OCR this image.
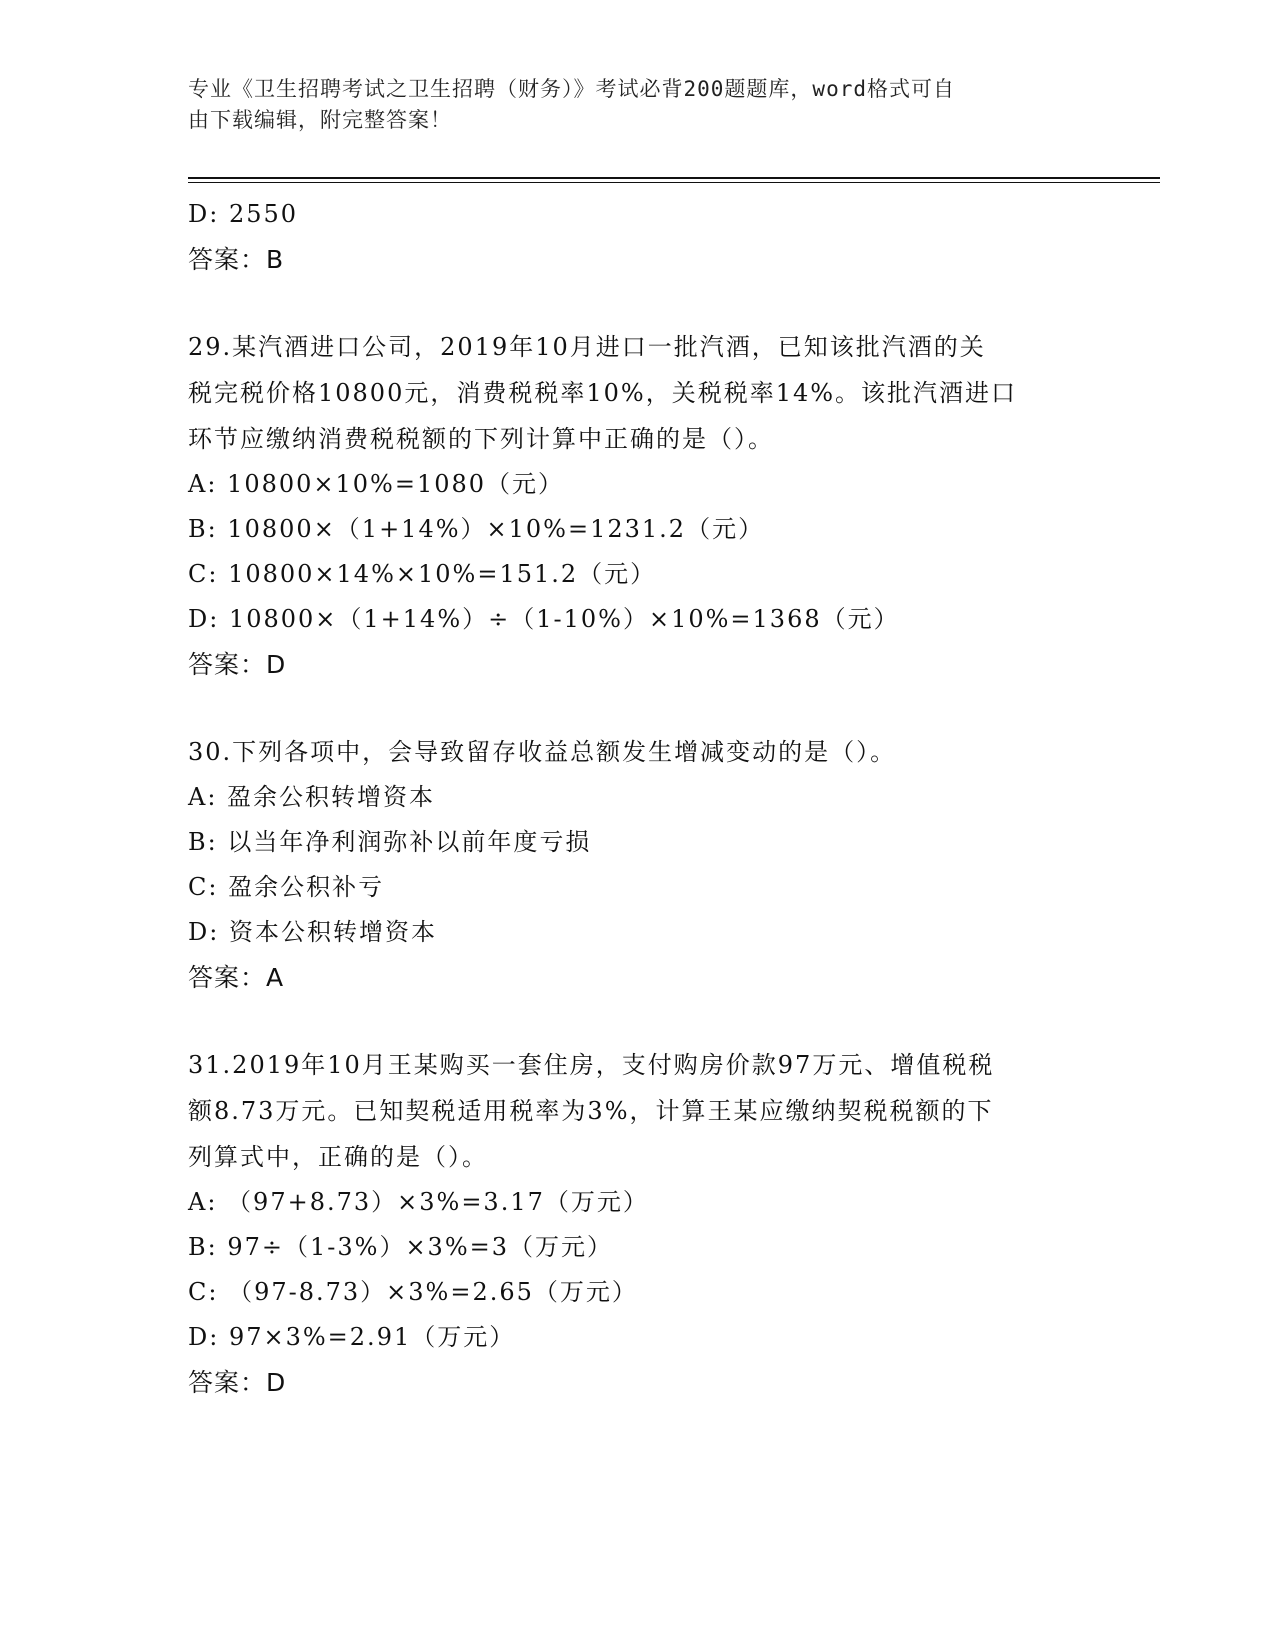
专业《卫生招聘考试之卫生招聘（财务）》考试必背200题题库，word格式可自
由下载编辑，附完整答案！
D: 2550
答案：B
29.某汽酒进口公司，2019年10月进口一批汽酒，已知该批汽酒的关
税完税价格10800元，消费税税率10%，关税税率14%。该批汽酒进口
环节应缴纳消费税税额的下列计算中正确的是（）。
A: 10800×10%=1080（元）
B: 10800×（1+14%）×10%=1231.2（元）
C: 10800×14%×10%=151.2（元）
D: 10800×（1+14%）÷（1-10%）×10%=1368（元）
答案：D
30.下列各项中，会导致留存收益总额发生增减变动的是（）。
A: 盈余公积转增资本
B: 以当年净利润弥补以前年度亏损
C: 盈余公积补亏
D: 资本公积转增资本
答案：A
31.2019年10月王某购买一套住房，支付购房价款97万元、增值税税
额8.73万元。已知契税适用税率为3%，计算王某应缴纳契税税额的下
列算式中，正确的是（）。
A: （97+8.73）×3%=3.17（万元）
B: 97÷（1-3%）×3%=3（万元）
C: （97-8.73）×3%=2.65（万元）
D: 97×3%=2.91（万元）
答案：D
